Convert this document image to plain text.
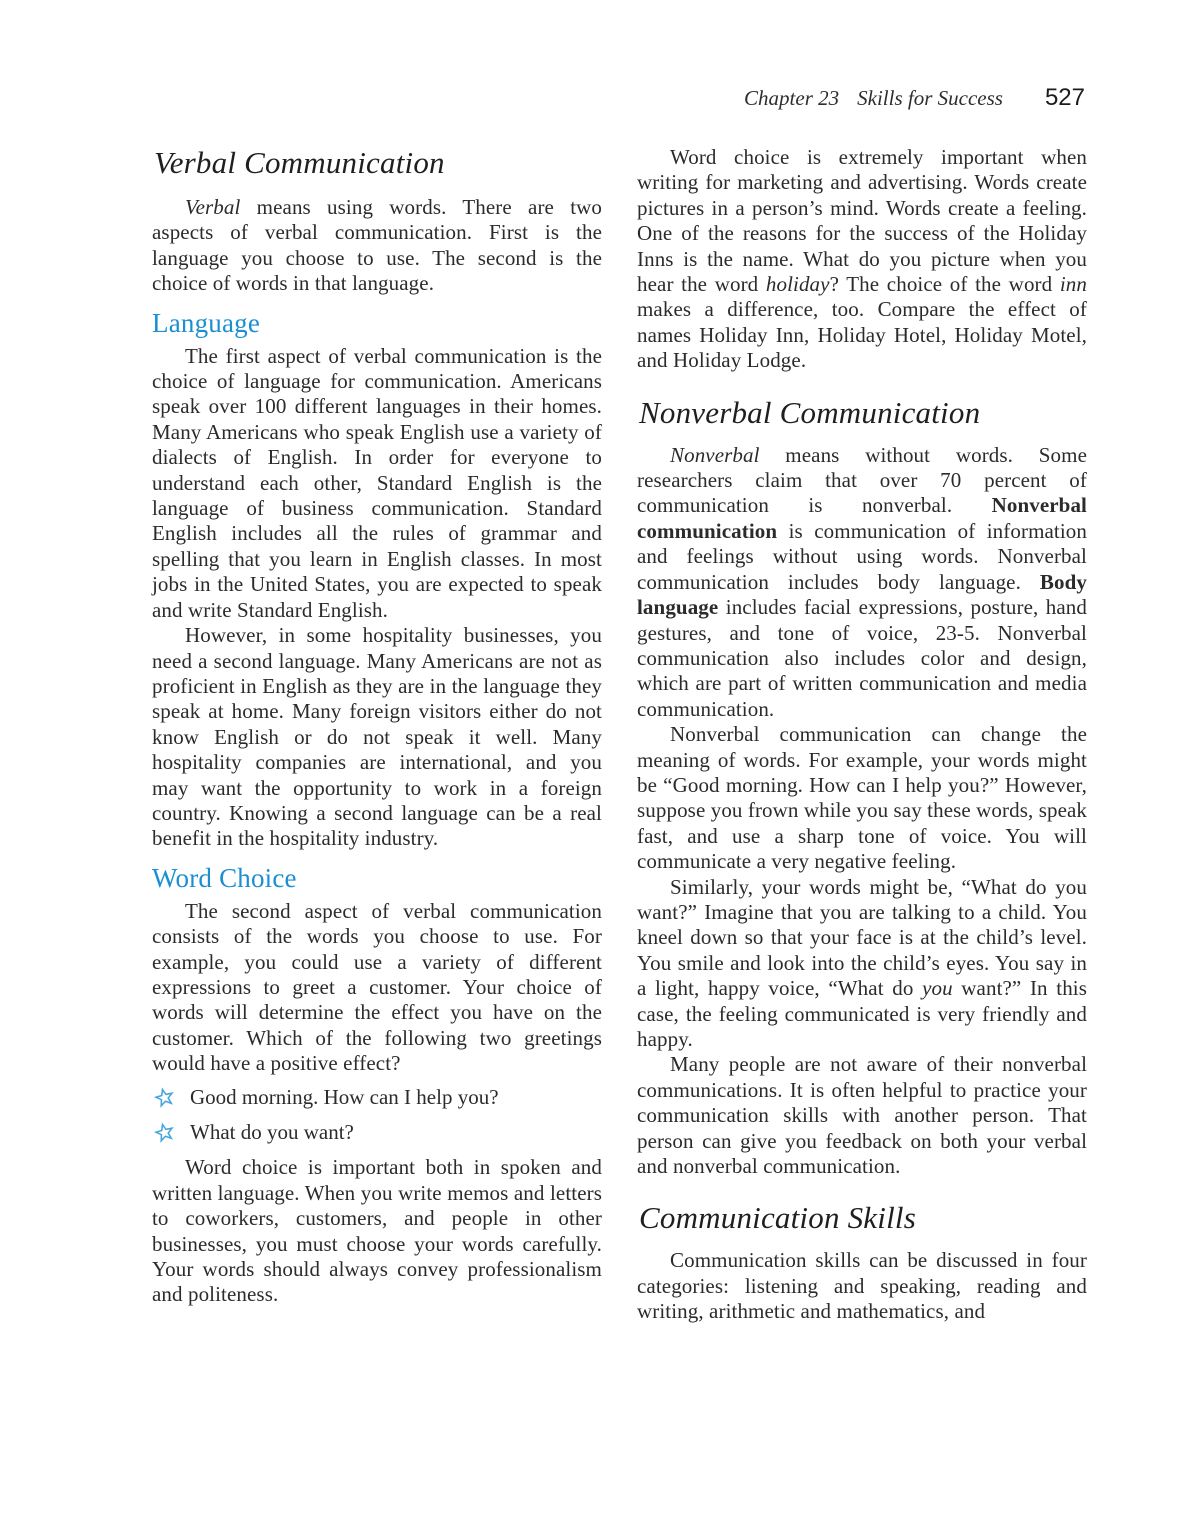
Chapter 23 Skills for Success 527
Verbal Communication

Verbal means using words. There are two aspects of verbal communication. First is the language you choose to use. The second is the choice of words in that language.

Language

The first aspect of verbal communication is the choice of language for communication. Americans speak over 100 different languages in their homes. Many Americans who speak English use a variety of dialects of English. In order for everyone to understand each other, Standard English is the language of business communication. Standard English includes all the rules of grammar and spelling that you learn in English classes. In most jobs in the United States, you are expected to speak and write Standard English.

However, in some hospitality businesses, you need a second language. Many Americans are not as proficient in English as they are in the language they speak at home. Many foreign visitors either do not know English or do not speak it well. Many hospitality companies are international, and you may want the opportunity to work in a foreign country. Knowing a second language can be a real benefit in the hospitality industry.

Word Choice

The second aspect of verbal communication consists of the words you choose to use. For example, you could use a variety of different expressions to greet a customer. Your choice of words will determine the effect you have on the customer. Which of the following two greetings would have a positive effect?

Good morning. How can I help you?
What do you want?

Word choice is important both in spoken and written language. When you write memos and letters to coworkers, customers, and people in other businesses, you must choose your words carefully. Your words should always convey professionalism and politeness.

Word choice is extremely important when writing for marketing and advertising. Words create pictures in a person’s mind. Words create a feeling. One of the reasons for the success of the Holiday Inns is the name. What do you picture when you hear the word holiday? The choice of the word inn makes a difference, too. Compare the effect of names Holiday Inn, Holiday Hotel, Holiday Motel, and Holiday Lodge.

Nonverbal Communication

Nonverbal means without words. Some researchers claim that over 70 percent of communication is nonverbal. Nonverbal communication is communication of information and feelings without using words. Nonverbal communication includes body language. Body language includes facial expressions, posture, hand gestures, and tone of voice, 23-5. Nonverbal communication also includes color and design, which are part of written communication and media communication.

Nonverbal communication can change the meaning of words. For example, your words might be “Good morning. How can I help you?” However, suppose you frown while you say these words, speak fast, and use a sharp tone of voice. You will communicate a very negative feeling.

Similarly, your words might be, “What do you want?” Imagine that you are talking to a child. You kneel down so that your face is at the child’s level. You smile and look into the child’s eyes. You say in a light, happy voice, “What do you want?” In this case, the feeling communicated is very friendly and happy.

Many people are not aware of their nonverbal communications. It is often helpful to practice your communication skills with another person. That person can give you feedback on both your verbal and nonverbal communication.

Communication Skills

Communication skills can be discussed in four categories: listening and speaking, reading and writing, arithmetic and mathematics, and
